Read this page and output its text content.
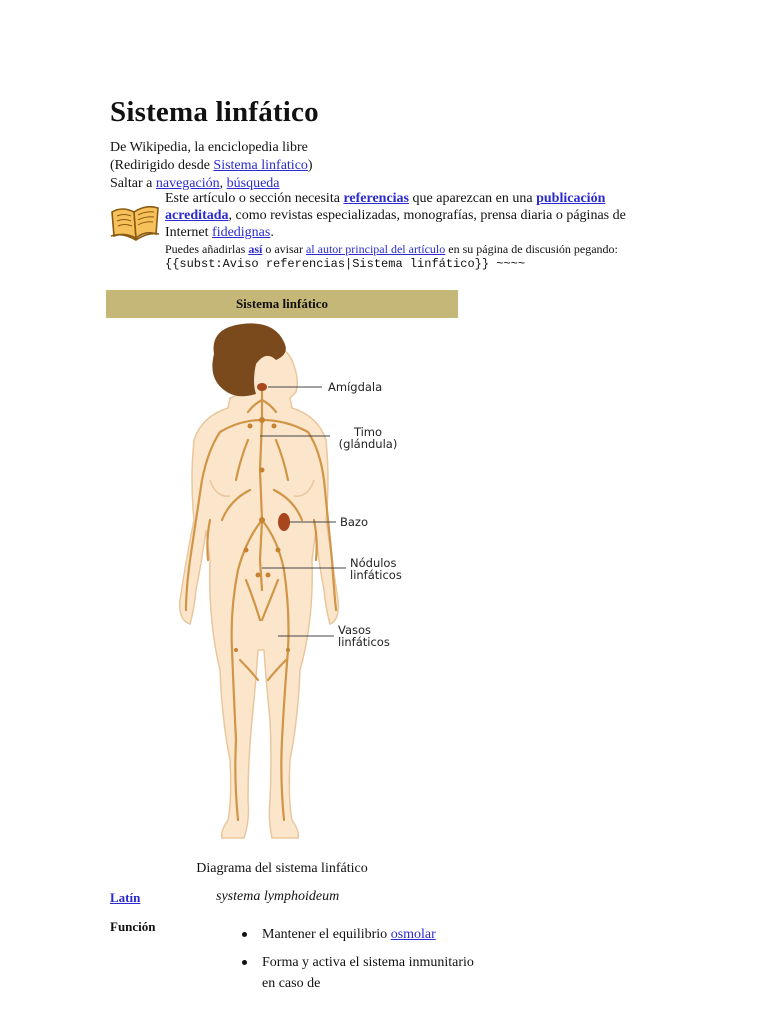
Sistema linfático
De Wikipedia, la enciclopedia libre
(Redirigido desde Sistema linfatico)
Saltar a navegación, búsqueda
Este artículo o sección necesita referencias que aparezcan en una publicación acreditada, como revistas especializadas, monografías, prensa diaria o páginas de Internet fidedignas.
Puedes añadirlas así o avisar al autor principal del artículo en su página de discusión pegando:
{{subst:Aviso referencias|Sistema linfático}} ~~~~
Sistema linfático
Amígdala
Timo
(glándula)
Bazo
Nódulos
linfáticos
Vasos
linfáticos
Diagrama del sistema linfático
Latín	systema lymphoideum
Función
Mantener el equilibrio osmolar
Forma y activa el sistema inmunitario en caso de
